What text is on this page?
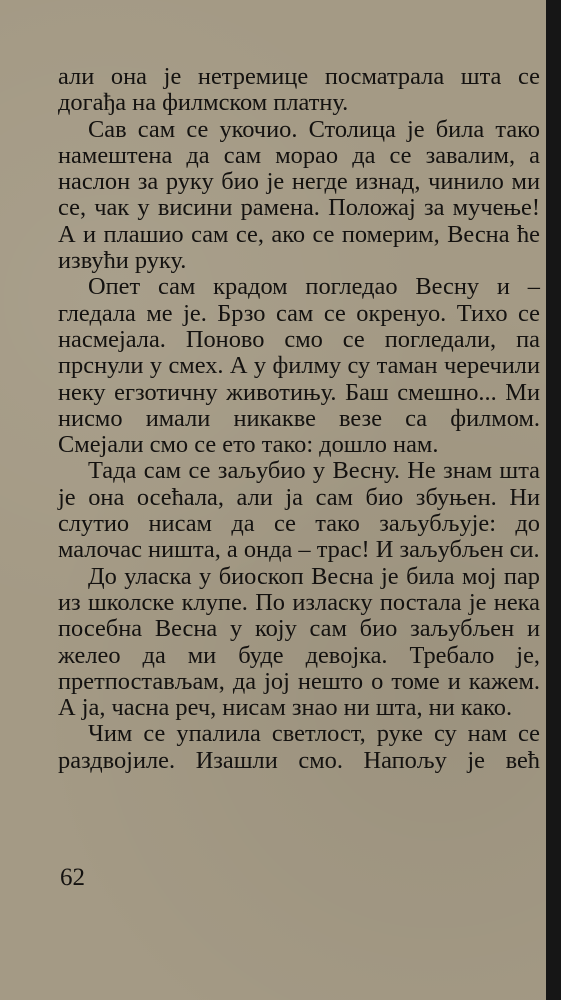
али она је нетремице посматрала шта се догађа на филмском платну.

Сав сам се укочио. Столица је била тако намештена да сам морао да се завалим, а наслон за руку био је негде изнад, чинило ми се, чак у висини рамена. Положај за мучење! А и плашио сам се, ако се померим, Весна ће извући руку.

Опет сам крадом погледао Весну и – гледала ме је. Брзо сам се окренуо. Тихо се насмејала. Поново смо се погледали, па прснули у смех. А у филму су таман черечили неку егзотичну животињу. Баш смешно... Ми нисмо имали никакве везе са филмом. Смејали смо се ето тако: дошло нам.

Тада сам се заљубио у Весну. Не знам шта је она осећала, али ја сам био збуњен. Ни слутио нисам да се тако заљубљује: до малочас ништа, а онда – трас! И заљубљен си.

До уласка у биоскоп Весна је била мој пар из школске клупе. По изласку постала је нека посебна Весна у коју сам био заљубљен и желео да ми буде девојка. Требало је, претпостављам, да јој нешто о томе и кажем. А ја, часна реч, нисам знао ни шта, ни како.

Чим се упалила светлост, руке су нам се раздвојиле. Изашли смо. Напољу је већ

62
